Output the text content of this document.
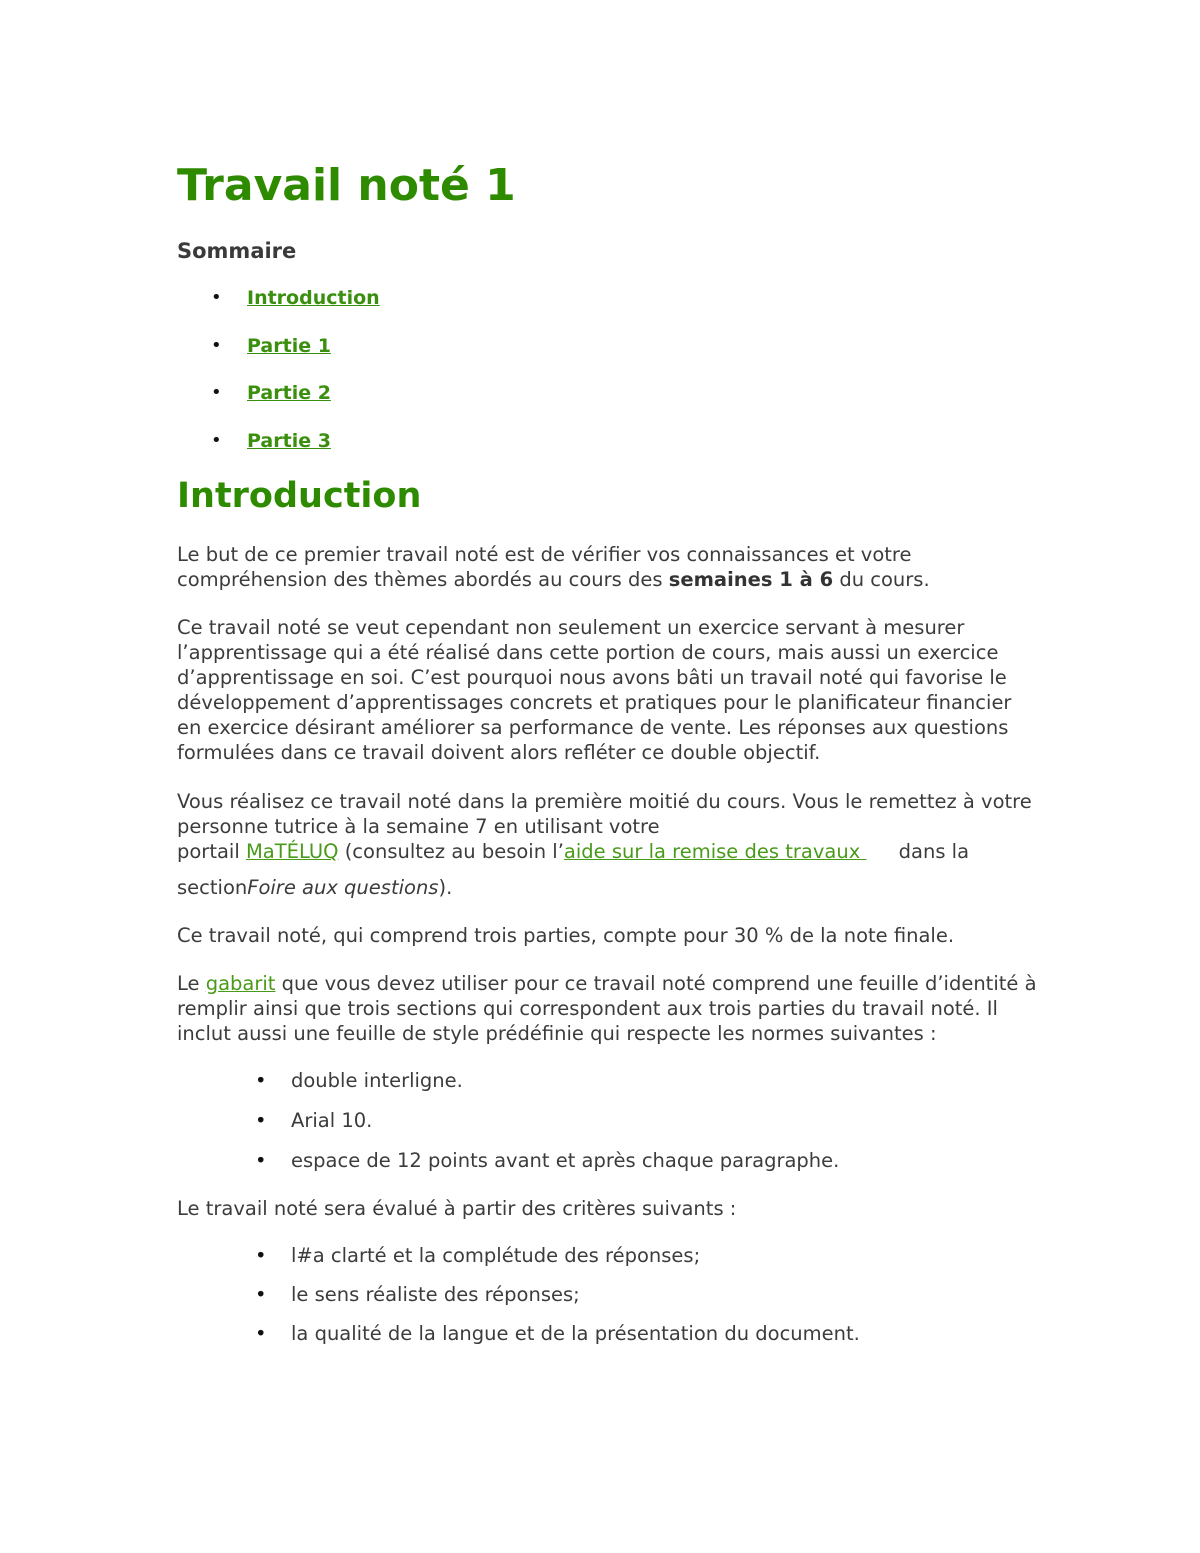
Travail noté 1
Sommaire
• Introduction
• Partie 1
• Partie 2
• Partie 3
Introduction

Le but de ce premier travail noté est de vérifier vos connaissances et votre compréhension des thèmes abordés au cours des semaines 1 à 6 du cours.

Ce travail noté se veut cependant non seulement un exercice servant à mesurer l’apprentissage qui a été réalisé dans cette portion de cours, mais aussi un exercice d’apprentissage en soi. C’est pourquoi nous avons bâti un travail noté qui favorise le développement d’apprentissages concrets et pratiques pour le planificateur financier en exercice désirant améliorer sa performance de vente. Les réponses aux questions formulées dans ce travail doivent alors refléter ce double objectif.

Vous réalisez ce travail noté dans la première moitié du cours. Vous le remettez à votre personne tutrice à la semaine 7 en utilisant votre
portail MaTÉLUQ (consultez au besoin l’aide sur la remise des travaux  dans la
sectionFoire aux questions).

Ce travail noté, qui comprend trois parties, compte pour 30 % de la note finale.

Le gabarit que vous devez utiliser pour ce travail noté comprend une feuille d’identité à remplir ainsi que trois sections qui correspondent aux trois parties du travail noté. Il inclut aussi une feuille de style prédéfinie qui respecte les normes suivantes :

• double interligne.
• Arial 10.
• espace de 12 points avant et après chaque paragraphe.

Le travail noté sera évalué à partir des critères suivants :

• l#a clarté et la complétude des réponses;
• le sens réaliste des réponses;
• la qualité de la langue et de la présentation du document.
